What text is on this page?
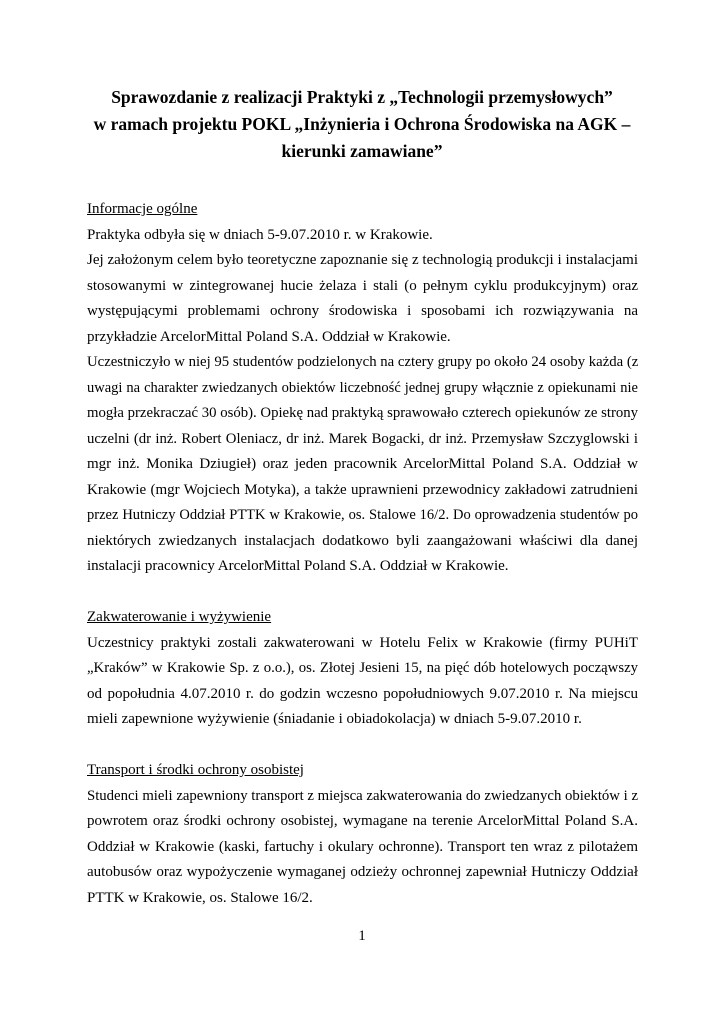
Sprawozdanie z realizacji Praktyki z „Technologii przemysłowych”
w ramach projektu POKL „Inżynieria i Ochrona Środowiska na AGK –
kierunki zamawiane”
Informacje ogólne
Praktyka odbyła się w dniach 5-9.07.2010 r. w Krakowie.
Jej założonym celem było teoretyczne zapoznanie się z technologią produkcji i instalacjami
stosowanymi w zintegrowanej hucie żelaza i stali (o pełnym cyklu produkcyjnym) oraz
występującymi problemami ochrony środowiska i sposobami ich rozwiązywania na
przykładzie ArcelorMittal Poland S.A. Oddział w Krakowie.
Uczestniczyło w niej 95 studentów podzielonych na cztery grupy po około 24 osoby każda (z
uwagi na charakter zwiedzanych obiektów liczebność jednej grupy włącznie z opiekunami nie
mogła przekraczać 30 osób). Opiekę nad praktyką sprawowało czterech opiekunów ze strony
uczelni (dr inż. Robert Oleniacz, dr inż. Marek Bogacki, dr inż. Przemysław Szczyglowski i
mgr inż. Monika Dziugieł) oraz jeden pracownik ArcelorMittal Poland S.A. Oddział w
Krakowie (mgr Wojciech Motyka), a także uprawnieni przewodnicy zakładowi zatrudnieni
przez Hutniczy Oddział PTTK w Krakowie, os. Stalowe 16/2. Do oprowadzenia studentów po
niektórych zwiedzanych instalacjach dodatkowo byli zaangażowani właściwi dla danej
instalacji pracownicy ArcelorMittal Poland S.A. Oddział w Krakowie.
Zakwaterowanie i wyżywienie
Uczestnicy praktyki zostali zakwaterowani w Hotelu Felix w Krakowie (firmy PUHiT
„Kraków” w Krakowie Sp. z o.o.), os. Złotej Jesieni 15, na pięć dób hotelowych począwszy
od popołudnia 4.07.2010 r. do godzin wczesno popołudniowych 9.07.2010 r. Na miejscu
mieli zapewnione wyżywienie (śniadanie i obiadokolacja) w dniach 5-9.07.2010 r.
Transport i środki ochrony osobistej
Studenci mieli zapewniony transport z miejsca zakwaterowania do zwiedzanych obiektów i z
powrotem oraz środki ochrony osobistej, wymagane na terenie ArcelorMittal Poland S.A.
Oddział w Krakowie (kaski, fartuchy i okulary ochronne). Transport ten wraz z pilotażem
autobusów oraz wypożyczenie wymaganej odzieży ochronnej zapewniał Hutniczy Oddział
PTTK w Krakowie, os. Stalowe 16/2.
1
